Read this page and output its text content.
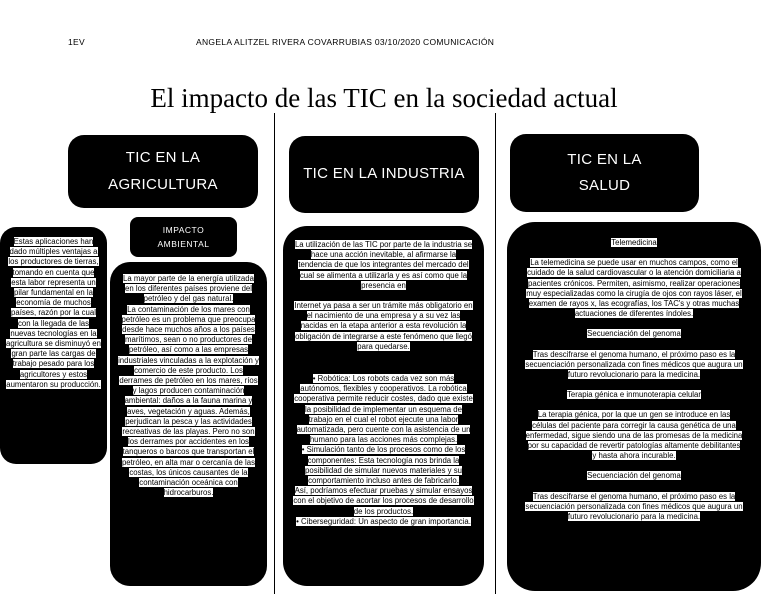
1EV	ANGELA ALITZEL RIVERA COVARRUBIAS 03/10/2020 COMUNICACIÓN
El impacto de las TIC en la sociedad actual
TIC EN LA
AGRICULTURA
IMPACTO
AMBIENTAL

Estas aplicaciones han dado múltiples ventajas a los productores de tierras, tomando en cuenta que esta labor representa un pilar fundamental en la economía de muchos países, razón por la cual con la llegada de las nuevas tecnologías en la agricultura se disminuyó en gran parte las cargas de trabajo pesado para los agricultores y estos aumentaron su producción.

La mayor parte de la energía utilizada en los diferentes países proviene del petróleo y del gas natural.

La contaminación de los mares con petróleo es un problema que preocupa desde hace muchos años a los países marítimos, sean o no productores de petróleo, así como a las empresas industriales vinculadas a la explotación y comercio de este producto. Los derrames de petróleo en los mares, ríos y lagos producen contaminación ambiental: daños a la fauna marina y aves, vegetación y aguas. Además, perjudican la pesca y las actividades recreativas de las playas. Pero no son los derrames por accidentes en los tanqueros o barcos que transportan el petróleo, en alta mar o cercanía de las costas, los únicos causantes de la contaminación oceánica con hidrocarburos.

TIC EN LA INDUSTRIA

La utilización de las TIC por parte de la industria se hace una acción inevitable, al afirmarse la tendencia de que los integrantes del mercado del cual se alimenta a utilizarla y es así como que la presencia en

Internet ya pasa a ser un trámite más obligatorio en el nacimiento de una empresa y a su vez las nacidas en la etapa anterior a esta revolución la obligación de integrarse a este fenómeno que llegó para quedarse.

• Robótica: Los robots cada vez son más autónomos, flexibles y cooperativos. La robótica cooperativa permite reducir costes, dado que existe la posibilidad de implementar un esquema de trabajo en el cual el robot ejecute una labor automatizada, pero cuente con la asistencia de un humano para las acciones más complejas.

• Simulación tanto de los procesos como de los componentes: Esta tecnología nos brinda la posibilidad de simular nuevos materiales y su comportamiento incluso antes de fabricarlo.

Así, podríamos efectuar pruebas y simular ensayos con el objetivo de acortar los procesos de desarrollo de los productos.

• Ciberseguridad: Un aspecto de gran importancia.

TIC EN LA
SALUD

Telemedicina

La telemedicina se puede usar en muchos campos, como el cuidado de la salud cardiovascular o la atención domiciliaria a pacientes crónicos. Permiten, asimismo, realizar operaciones muy especializadas como la cirugía de ojos con rayos láser, el examen de rayos x, las ecografías, los TAC's y otras muchas actuaciones de diferentes índoles.

Secuenciación del genoma

Tras descifrarse el genoma humano, el próximo paso es la secuenciación personalizada con fines médicos que augura un futuro revolucionario para la medicina.

Terapia génica e inmunoterapia celular

La terapia génica, por la que un gen se introduce en las células del paciente para corregir la causa genética de una enfermedad, sigue siendo una de las promesas de la medicina por su capacidad de revertir patologías altamente debilitantes y hasta ahora incurable.

Secuenciación del genoma

Tras descifrarse el genoma humano, el próximo paso es la secuenciación personalizada con fines médicos que augura un futuro revolucionario para la medicina.
